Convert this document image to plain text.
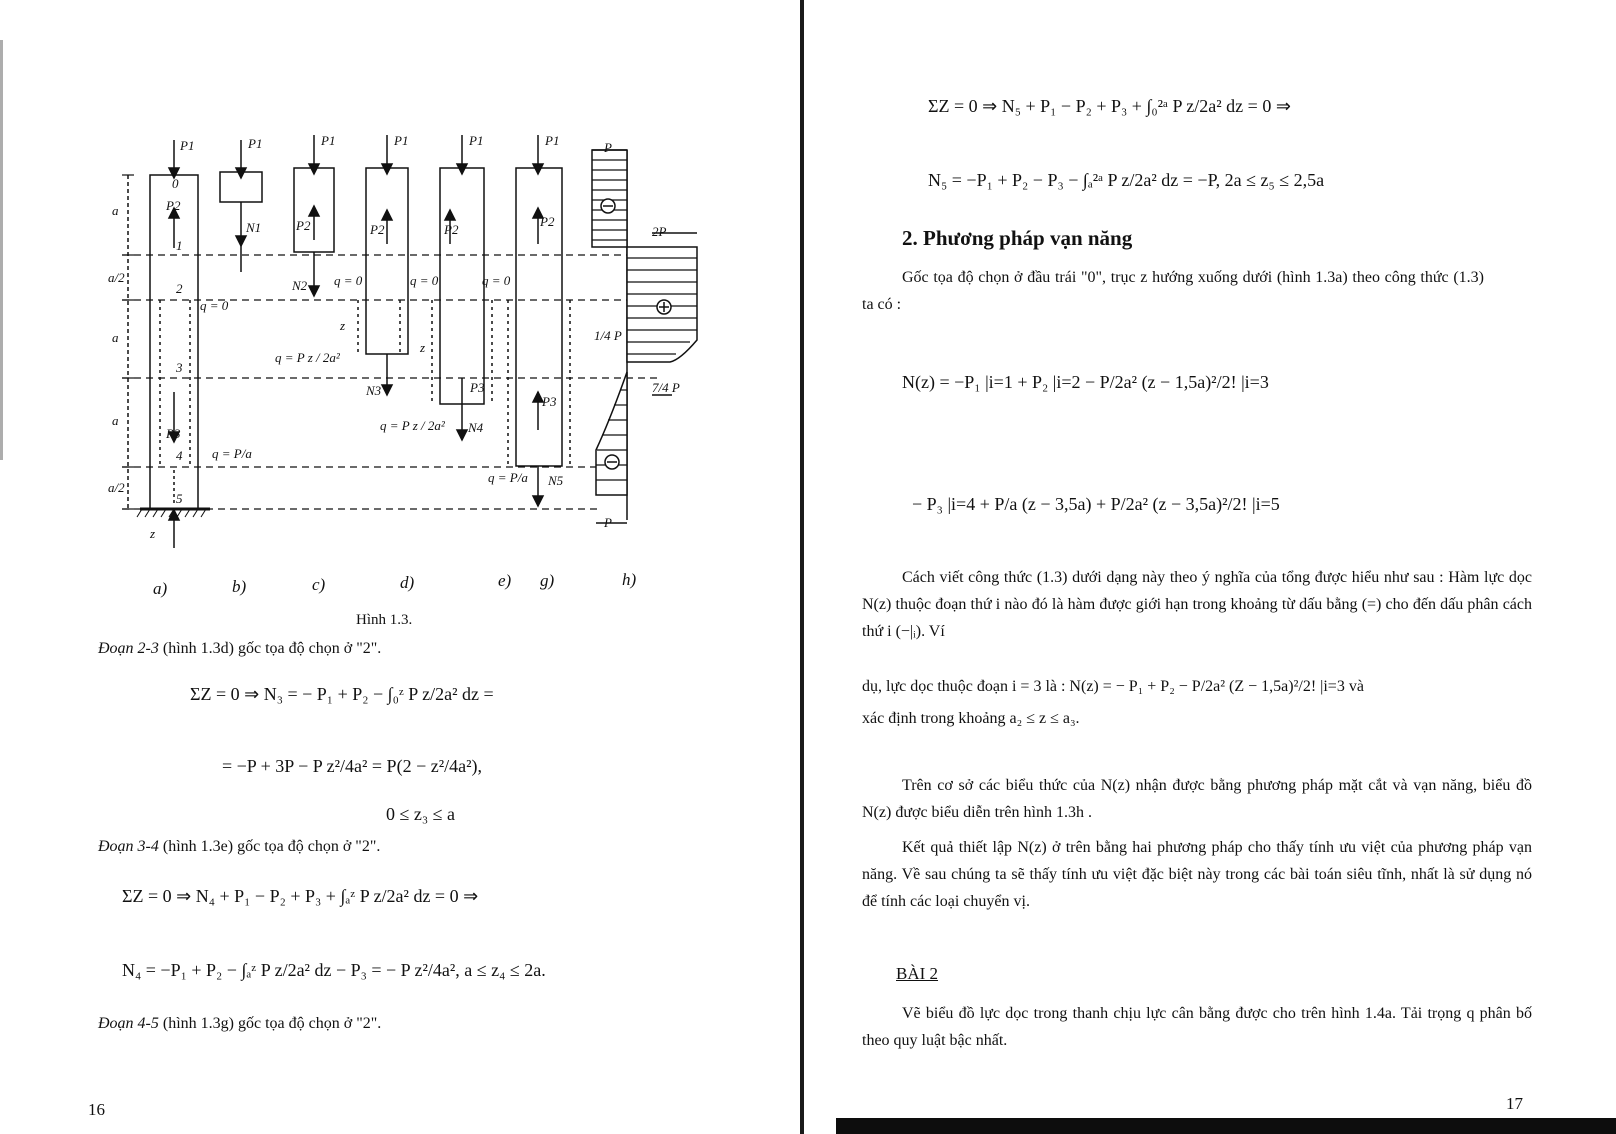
P1	P1	P1	P1	P1	P1
P2
P2	P2	P2
P2
P3
P3
P3
N1
N2
N3
N4
N5
0
1
2
3
4
5
a
a/2
a
a
a/2
q = 0
q = 0	q = 0	q = 0
q = P z / 2a²
q = P z / 2a²
q = P/a
q = P/a
z
z
z
P
2P
1/4 P
7/4 P
P
a)	b)	c)	d)	e) g)	h)
Hình 1.3.
Đoạn 2-3 (hình 1.3d) gốc tọa độ chọn ở "2".
ΣZ = 0 ⇒ N₃ = − P₁ + P₂ − ∫₀ᶻ P z/2a² dz =
= −P + 3P − P z²/4a² = P(2 − z²/4a²),
0 ≤ z₃ ≤ a
Đoạn 3-4 (hình 1.3e) gốc tọa độ chọn ở "2".
ΣZ = 0 ⇒ N₄ + P₁ − P₂ + P₃ + ∫ₐᶻ P z/2a² dz = 0 ⇒
N₄ = −P₁ + P₂ − ∫ₐᶻ P z/2a² dz − P₃ = − P z²/4a², a ≤ z₄ ≤ 2a.
Đoạn 4-5 (hình 1.3g) gốc tọa độ chọn ở "2".
16
ΣZ = 0 ⇒ N₅ + P₁ − P₂ + P₃ + ∫₀²ᵃ P z/2a² dz = 0 ⇒
N₅ = −P₁ + P₂ − P₃ − ∫ₐ²ᵃ P z/2a² dz = −P, 2a ≤ z₅ ≤ 2,5a
2. Phương pháp vạn năng
Gốc tọa độ chọn ở đầu trái "0", trục z hướng xuống dưới (hình 1.3a) theo công thức (1.3) ta có :
N(z) = −P₁ |i=1 + P₂ |i=2 − P/2a² (z − 1,5a)²/2! |i=3
− P₃ |i=4 + P/a (z − 3,5a) + P/2a² (z − 3,5a)²/2! |i=5
Cách viết công thức (1.3) dưới dạng này theo ý nghĩa của tổng được hiểu như sau : Hàm lực dọc N(z) thuộc đoạn thứ i nào đó là hàm được giới hạn trong khoảng từ dấu bằng (=) cho đến dấu phân cách thứ i (−|ᵢ). Ví
dụ, lực dọc thuộc đoạn i = 3 là : N(z) = − P₁ + P₂ − P/2a² (Z − 1,5a)²/2! |i=3 và
xác định trong khoảng a₂ ≤ z ≤ a₃.
Trên cơ sở các biểu thức của N(z) nhận được bằng phương pháp mặt cắt và vạn năng, biểu đồ N(z) được biểu diễn trên hình 1.3h .
Kết quả thiết lập N(z) ở trên bằng hai phương pháp cho thấy tính ưu việt của phương pháp vạn năng. Về sau chúng ta sẽ thấy tính ưu việt đặc biệt này trong các bài toán siêu tĩnh, nhất là sử dụng nó để tính các loại chuyển vị.
BÀI 2
Vẽ biểu đồ lực dọc trong thanh chịu lực cân bằng được cho trên hình 1.4a. Tải trọng q phân bố theo quy luật bậc nhất.
17
